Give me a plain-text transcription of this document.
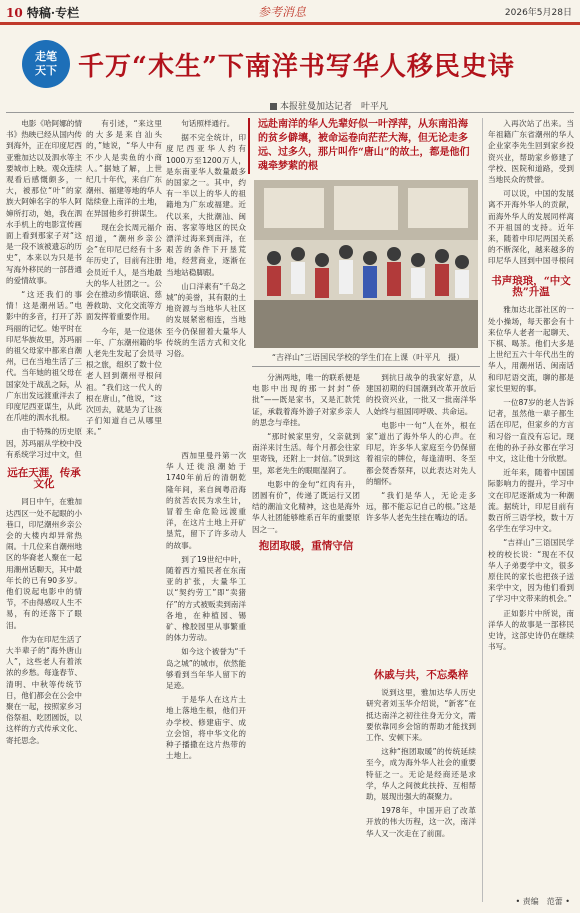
10 特稿·专栏	参考消息	2026年5月28日
走笔
天下 千万“木生”下南洋书写华人移民史诗
本报驻曼加达记者　叶平凡

电影《哈阿娜的情书》热映已经从国内传到海外，正在印度尼西亚雅加达以及泗水等主要城市上映。观众连续观看后感慨颇多，一大，被那位“叶”的家族大阿婶名字的华人阿婶所打动，她，我在泗水手机上的电影宣传画面上看到那家子对“这是一段不该被遗忘的历史”，本来以为只是书写海外移民的一部普通的爱情故事。

“这还我们的事情！这是潮州话。”电影中的多音，打开了苏玛丽的记忆。她平时在印尼华族故里，苏玛丽的祖父母家中都来自潮州，已在当地生活了三代。当年她的祖父母在国家处于战乱之际，从广东出发远渡重洋去了印度尼西亚谋生，从此在爪哇的泗水扎根。

由于特殊的历史原因，苏玛丽从学校中没有系统学习过中文，但

远在天涯，传承文化

同日中午，在雅加达西区一处不起眼的小巷口，印尼潮州乡亲公会的大楼内却异常热闹。十几位来自潮州地区的华裔老人聚在一起用潮州话聊天，其中最年长的已有90多岁。他们说起电影中的情节，不由得感叹人生不易，有的还落下了眼泪。

作为在印尼生活了大半辈子的“海外唐山人”，这些老人有着浓浓的乡愁。每逢春节、清明、中秋等传统节日，他们都会在公会中聚在一起，按照家乡习俗祭祖、吃团圆饭，以这样的方式传承文化、寄托思念。

有引述，“来这里的大多是来自汕头的，”她说，“华人中有不少人是卖鱼的小商人。”据她了解，上世纪几十年代，来自广东潮州、福建等地的华人陆续登上南洋的土地，在异国他乡打拼谋生。

现在会长周元福介绍道，“潮州乡亲公会”在印尼已经有十多年历史了，目前有注册会员近千人，是当地最大的华人社团之一。公会在推动乡情联谊、慈善救助、文化交流等方面发挥着重要作用。

今年，是一位退休一年、广东潮州籍的华人老先生发起了会员寻根之旅，组织了数十位老人回到潮州寻根问祖。“我们这一代人的根在唐山，”他说，“这次回去，就是为了让孩子们知道自己从哪里来。”

句话照样通行。

据不完全统计，印度尼西亚华人约有1000万至1200万人，是东南亚华人数量最多的国家之一。其中，约有一半以上的华人的祖籍地为广东或福建。近代以来，大批潮汕、闽南、客家等地区的民众漂洋过海来到南洋，在艰苦的条件下开垦荒地，经营商业，逐渐在当地站稳脚跟。

山口洋素有“千岛之城”的美誉，其有限的土地资源与当地华人社区的发展紧密相连，当地至今仍保留着大量华人传统的生活方式和文化习俗。

西加里曼丹第一次华人迁徙浪潮始于1740年前后的清朝乾隆年间，来自闽粤沿海的贫苦农民为求生计，冒着生命危险远渡重洋，在这片土地上开矿垦荒，留下了许多动人的故事。

到了19世纪中叶，随着西方殖民者在东南亚的扩张，大量华工以“契约劳工”即“卖猪仔”的方式被贩卖到南洋各地，在种植园、锡矿、橡胶园里从事繁重的体力劳动。

如今这个被誉为“千岛之城”的城市，依然能够看到当年华人留下的足迹。

于是华人在这片土地上落地生根，他们开办学校、修建庙宇、成立会馆，将中华文化的种子播撒在这片热带的土地上。

远赴南洋的华人先辈好似一叶浮萍，从东南沿海的贫乡僻壤，被命运卷向茫茫大海，但无论走多远、过多久，那片叫作“唐山”的故土，都是他们魂牵梦萦的根
“吉祥山”三语国民学校的学生们在上课（叶平凡　摄）

分洲两地，唯一的联系便是电影中出现的那一封封“侨批”——既是家书，又是汇款凭证，承载着海外游子对家乡亲人的思念与牵挂。

“那时候家里穷，父亲就到南洋来讨生活。每个月都会往家里寄钱，还附上一封信。”说到这里，郑老先生的眼眶湿润了。

电影中的金句“红肉有升，团圆有价”，传递了既运行又团结的潮汕文化精神，这也是海外华人社团能够维系百年的重要原因之一。

抱团取暖，重情守信

到抗日战争的我家好意，从建国初期的归国潮到改革开放后的投资兴业，一批又一批南洋华人始终与祖国同呼吸、共命运。

电影中一句“人在外，根在家”道出了海外华人的心声。在印尼，许多华人家庭至今仍保留着祖宗的牌位，每逢清明、冬至都会焚香祭拜，以此表达对先人的缅怀。

“我们是华人，无论走多远，都不能忘记自己的根。”这是许多华人老先生挂在嘴边的话。

休戚与共，不忘桑梓

说到这里，雅加达华人历史研究者刘玉华介绍说，“新客”在抵达南洋之初往往身无分文，需要依靠同乡会馆的帮助才能找到工作、安顿下来。

这种“抱团取暖”的传统延续至今，成为海外华人社会的重要特征之一。无论是经商还是求学，华人之间彼此扶持、互相帮助，展现出强大的凝聚力。

1978年，中国开启了改革开放的伟大历程，这一次，南洋华人又一次走在了前面。

入再次站了出来。当年祖籍广东省潮州的华人企业家李先生回到家乡投资兴业，帮助家乡修建了学校、医院和道路，受到当地民众的赞誉。

可以说，中国的发展离不开海外华人的贡献，而海外华人的发展同样离不开祖国的支持。近年来，随着中印尼两国关系的不断深化，越来越多的印尼华人回到中国寻根问

书声琅琅，“中文热”升温

雅加达北部社区的一处小操场，每天都会有十来位华人老者一起聊天、下棋、喝茶。他们大多是上世纪五六十年代出生的华人，用潮州话、闽南话和印尼语交流，聊的都是家长里短的事。

一位87岁的老人告诉记者，虽然他一辈子都生活在印尼，但家乡的方言和习俗一直没有忘记。现在他的孙子孙女都在学习中文，这让他十分欣慰。

近年来，随着中国国际影响力的提升，学习中文在印尼逐渐成为一种潮流。据统计，印尼目前有数百所三语学校，数十万名学生在学习中文。

“吉祥山”三语国民学校的校长说：“现在不仅华人子弟要学中文，很多原住民的家长也把孩子送来学中文，因为他们看到了学习中文带来的机会。”

正如影片中所说，南洋华人的故事是一部移民史诗，这部史诗仍在继续书写。

• 责编　范蕾 •
